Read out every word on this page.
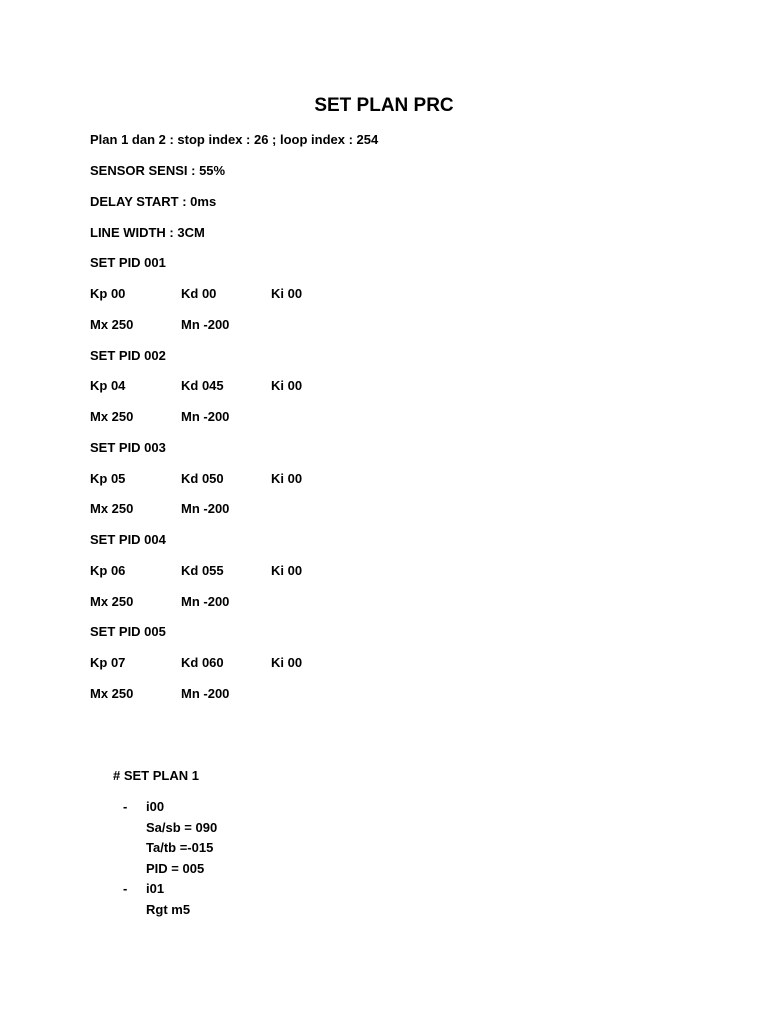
SET PLAN PRC
Plan 1 dan 2 : stop index : 26 ; loop index : 254
SENSOR SENSI : 55%
DELAY START : 0ms
LINE WIDTH : 3CM
SET PID 001
Kp 00	Kd 00	Ki 00
Mx 250	Mn -200
SET PID 002
Kp 04	Kd 045	Ki 00
Mx 250	Mn -200
SET PID 003
Kp 05	Kd 050	Ki 00
Mx 250	Mn -200
SET PID 004
Kp 06	Kd 055	Ki 00
Mx 250	Mn -200
SET PID 005
Kp 07	Kd 060	Ki 00
Mx 250	Mn -200
# SET PLAN 1
- i00
Sa/sb = 090
Ta/tb =-015
PID = 005
- i01
Rgt m5
